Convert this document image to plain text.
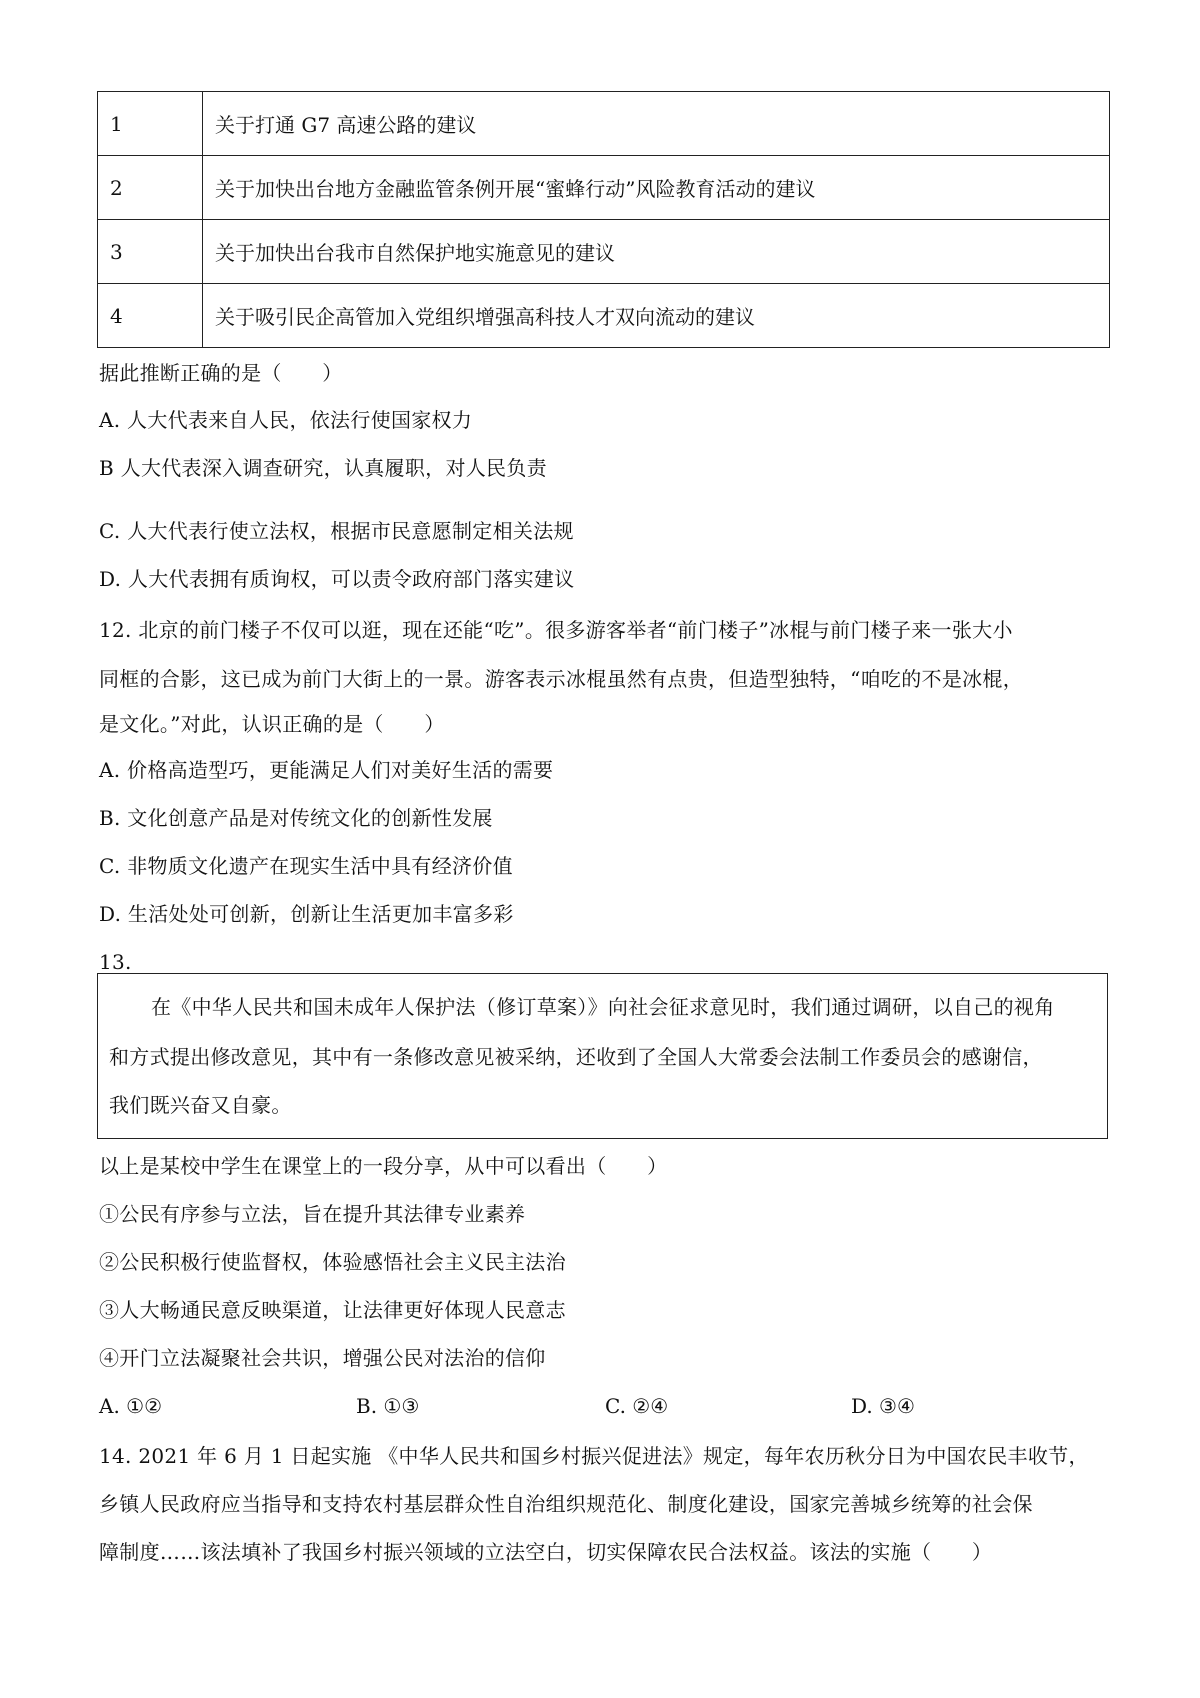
1	关于打通 G7 高速公路的建议
2	关于加快出台地方金融监管条例开展“蜜蜂行动”风险教育活动的建议
3	关于加快出台我市自然保护地实施意见的建议
4	关于吸引民企高管加入党组织增强高科技人才双向流动的建议
据此推断正确的是（　　）
A. 人大代表来自人民，依法行使国家权力
B 人大代表深入调查研究，认真履职，对人民负责
C. 人大代表行使立法权，根据市民意愿制定相关法规
D. 人大代表拥有质询权，可以责令政府部门落实建议
12. 北京的前门楼子不仅可以逛，现在还能“吃”。很多游客举者“前门楼子”冰棍与前门楼子来一张大小
同框的合影，这已成为前门大街上的一景。游客表示冰棍虽然有点贵，但造型独特，“咱吃的不是冰棍，
是文化。”对此，认识正确的是（　　）
A. 价格高造型巧，更能满足人们对美好生活的需要
B. 文化创意产品是对传统文化的创新性发展
C. 非物质文化遗产在现实生活中具有经济价值
D. 生活处处可创新，创新让生活更加丰富多彩
13.
在《中华人民共和国未成年人保护法（修订草案）》向社会征求意见时，我们通过调研，以自己的视角
和方式提出修改意见，其中有一条修改意见被采纳，还收到了全国人大常委会法制工作委员会的感谢信，
我们既兴奋又自豪。
以上是某校中学生在课堂上的一段分享，从中可以看出（　　）
①公民有序参与立法，旨在提升其法律专业素养
②公民积极行使监督权，体验感悟社会主义民主法治
③人大畅通民意反映渠道，让法律更好体现人民意志
④开门立法凝聚社会共识，增强公民对法治的信仰
A. ①②	B. ①③	C. ②④	D. ③④
14. 2021 年 6 月 1 日起实施 《中华人民共和国乡村振兴促进法》规定，每年农历秋分日为中国农民丰收节，
乡镇人民政府应当指导和支持农村基层群众性自治组织规范化、制度化建设，国家完善城乡统筹的社会保
障制度……该法填补了我国乡村振兴领域的立法空白，切实保障农民合法权益。该法的实施（　　）
